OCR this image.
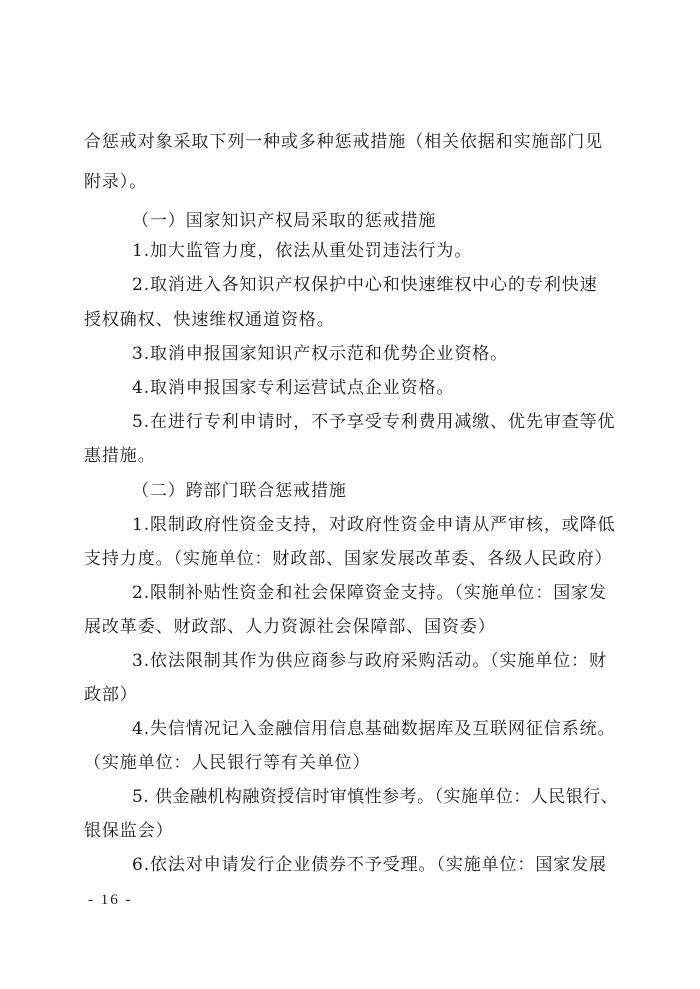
合惩戒对象采取下列一种或多种惩戒措施（相关依据和实施部门见
附录）。
（一）国家知识产权局采取的惩戒措施
1.加大监管力度，依法从重处罚违法行为。
2.取消进入各知识产权保护中心和快速维权中心的专利快速
授权确权、快速维权通道资格。
3.取消申报国家知识产权示范和优势企业资格。
4.取消申报国家专利运营试点企业资格。
5.在进行专利申请时，不予享受专利费用减缴、优先审查等优
惠措施。
（二）跨部门联合惩戒措施
1.限制政府性资金支持，对政府性资金申请从严审核，或降低
支持力度。（实施单位：财政部、国家发展改革委、各级人民政府）
2.限制补贴性资金和社会保障资金支持。（实施单位：国家发
展改革委、财政部、人力资源社会保障部、国资委）
3.依法限制其作为供应商参与政府采购活动。（实施单位：财
政部）
4.失信情况记入金融信用信息基础数据库及互联网征信系统。
（实施单位：人民银行等有关单位）
5. 供金融机构融资授信时审慎性参考。（实施单位：人民银行、
银保监会）
6.依法对申请发行企业债券不予受理。（实施单位：国家发展
- 16 -
